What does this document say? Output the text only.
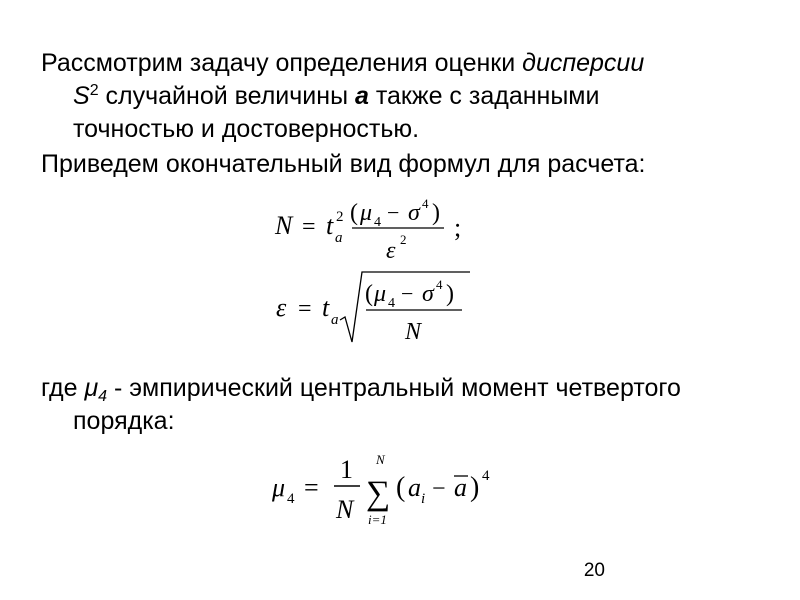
Рассмотрим задачу определения оценки дисперсии
$S^2$ случайной величины a также с заданными
точностью и достоверностью.
Приведем окончательный вид формул для расчета:
N = t 2
a
( μ 4 − σ 4 )
ε 2 ;
ε = t a
( μ 4 − σ 4 )
N
где $\mu_4$ - эмпирический центральный момент четвертого
порядка:
μ 4 =
1
N
N
∑
i=1
( a i − a ) 4
20
